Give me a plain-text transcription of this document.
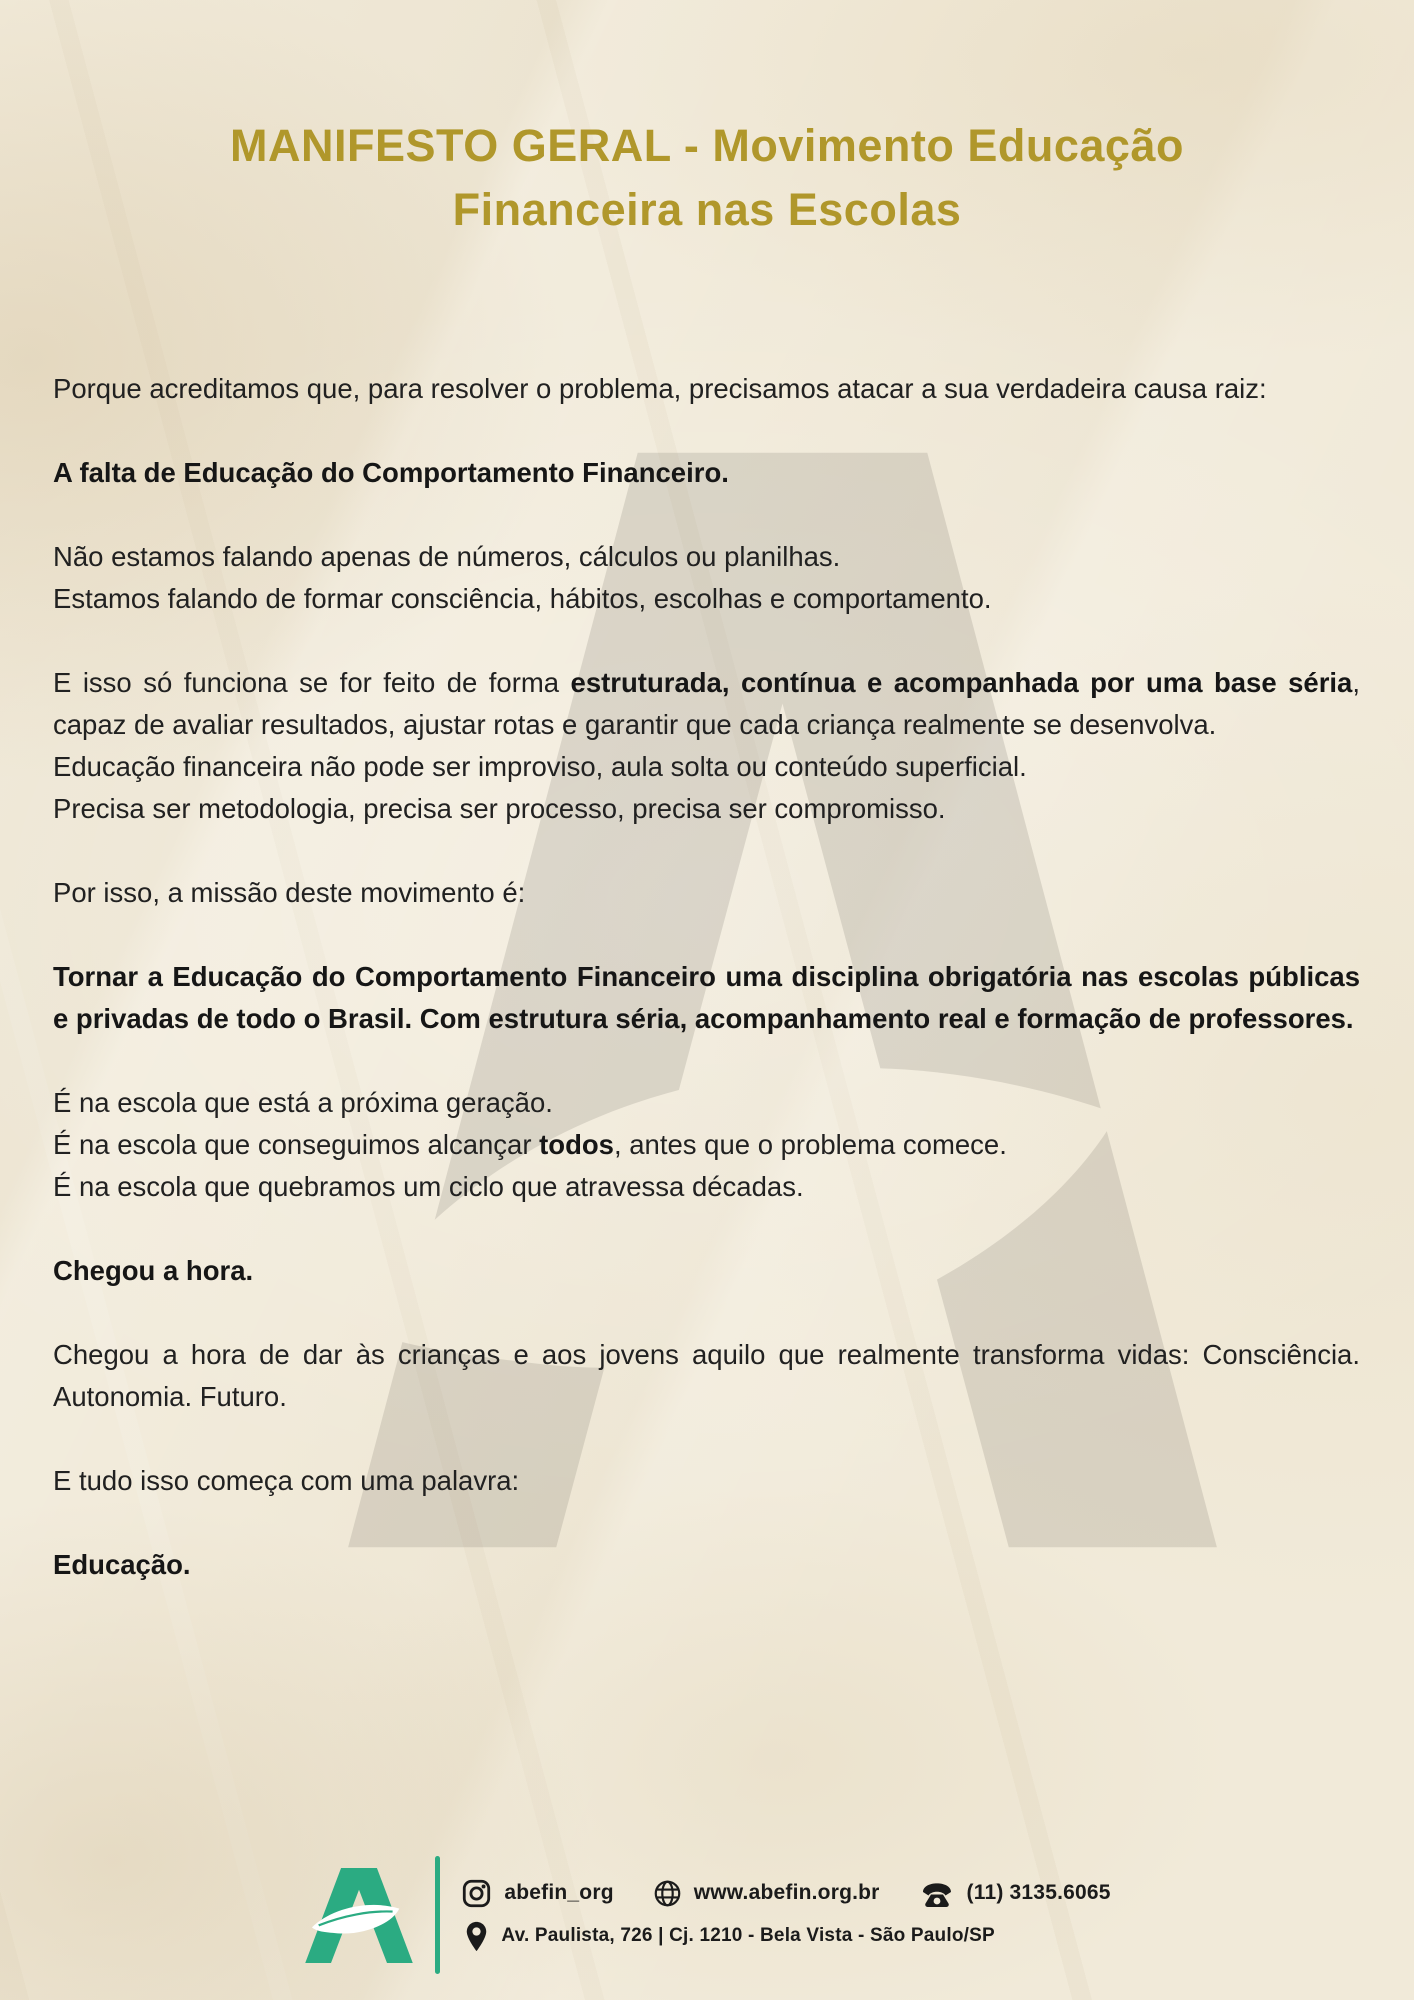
MANIFESTO GERAL - Movimento Educação
Financeira nas Escolas

Porque acreditamos que, para resolver o problema, precisamos atacar a sua verdadeira causa raiz:

A falta de Educação do Comportamento Financeiro.

Não estamos falando apenas de números, cálculos ou planilhas.
Estamos falando de formar consciência, hábitos, escolhas e comportamento.

E isso só funciona se for feito de forma estruturada, contínua e acompanhada por uma base séria, capaz de avaliar resultados, ajustar rotas e garantir que cada criança realmente se desenvolva.
Educação financeira não pode ser improviso, aula solta ou conteúdo superficial.
Precisa ser metodologia, precisa ser processo, precisa ser compromisso.

Por isso, a missão deste movimento é:

Tornar a Educação do Comportamento Financeiro uma disciplina obrigatória nas escolas públicas e privadas de todo o Brasil. Com estrutura séria, acompanhamento real e formação de professores.

É na escola que está a próxima geração.
É na escola que conseguimos alcançar todos, antes que o problema comece.
É na escola que quebramos um ciclo que atravessa décadas.

Chegou a hora.

Chegou a hora de dar às crianças e aos jovens aquilo que realmente transforma vidas: Consciência. Autonomia. Futuro.

E tudo isso começa com uma palavra:

Educação.

abefin_org	www.abefin.org.br	(11) 3135.6065
Av. Paulista, 726 | Cj. 1210 - Bela Vista - São Paulo/SP
